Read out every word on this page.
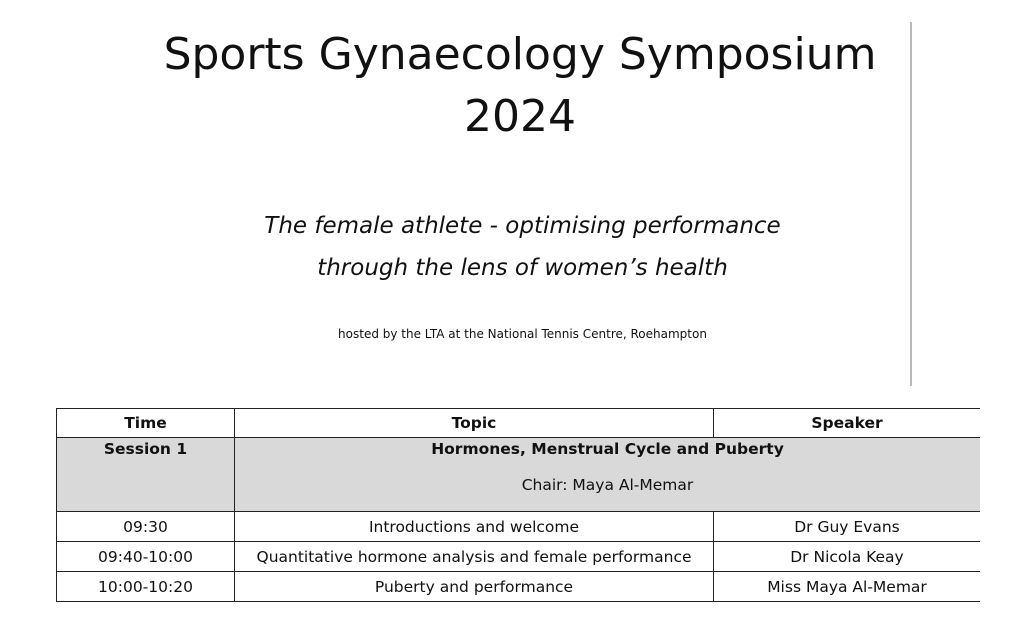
Sports Gynaecology Symposium
2024
The female athlete - optimising performance
through the lens of women’s health
hosted by the LTA at the National Tennis Centre, Roehampton
Time	Topic	Speaker
Session 1	Hormones, Menstrual Cycle and Puberty
Chair: Maya Al-Memar	

09:30	Introductions and welcome	Dr Guy Evans
09:40-10:00	Quantitative hormone analysis and female performance	Dr Nicola Keay
10:00-10:20	Puberty and performance	Miss Maya Al-Memar
